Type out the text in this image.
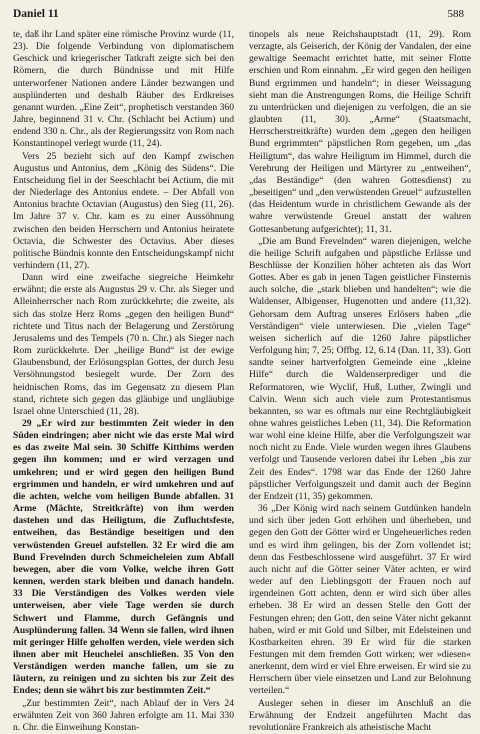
Daniel 11	588

te, daß ihr Land später eine römische Provinz wurde (11, 23). Die folgende Verbindung von diplomatischem Geschick und kriegerischer Tatkraft zeigte sich bei den Römern, die durch Bündnisse und mit Hilfe unterworfener Nationen andere Länder bezwangen und ausplünderten und deshalb Räuber des Erdkreises genannt wurden. „Eine Zeit“, prophetisch verstanden 360 Jahre, beginnend 31 v. Chr. (Schlacht bei Actium) und endend 330 n. Chr., als der Regierungssitz von Rom nach Konstantinopel verlegt wurde (11, 24).

Vers 25 bezieht sich auf den Kampf zwischen Augustus und Antonius, dem „König des Südens“. Die Entscheidung fiel in der Seeschlacht bei Actium, die mit der Niederlage des Antonius endete. – Der Abfall von Antonius brachte Octavian (Augustus) den Sieg (11, 26). Im Jahre 37 v. Chr. kam es zu einer Aussöhnung zwischen den beiden Herrschern und Antonius heiratete Octavia, die Schwester des Octavius. Aber dieses politische Bündnis konnte den Entscheidungskampf nicht verhindern (11, 27).

Dann wird eine zweifache siegreiche Heimkehr erwähnt; die erste als Augustus 29 v. Chr. als Sieger und Alleinherrscher nach Rom zurückkehrte; die zweite, als sich das stolze Herz Roms „gegen den heiligen Bund“ richtete und Titus nach der Belagerung und Zerstörung Jerusalems und des Tempels (70 n. Chr.) als Sieger nach Rom zurückkehrte. Der „heilige Bund“ ist der ewige Glaubensbund, der Erlösungsplan Gottes, der durch Jesu Versöhnungstod besiegelt wurde. Der Zorn des heidnischen Roms, das im Gegensatz zu diesem Plan stand, richtete sich gegen das gläubige und ungläubige Israel ohne Unterschied (11, 28).

29 „Er wird zur bestimmten Zeit wieder in den Süden eindringen; aber nicht wie das erste Mal wird es das zweite Mal sein. 30 Schiffe Kitthims werden gegen ihn kommen; und er wird verzagen und umkehren; und er wird gegen den heiligen Bund ergrimmen und handeln, er wird umkehren und auf die achten, welche vom heiligen Bunde abfallen. 31 Arme (Mächte, Streitkräfte) von ihm werden dastehen und das Heiligtum, die Zufluchtsfeste, entweihen, das Beständige beseitigen und den verwüstenden Greuel aufstellen. 32 Er wird die am Bund Frevelnden durch Schmeicheleien zum Abfall bewegen, aber die vom Volke, welche ihren Gott kennen, werden stark bleiben und danach handeln. 33 Die Verständigen des Volkes werden viele unterweisen, aber viele Tage werden sie durch Schwert und Flamme, durch Gefängnis und Ausplünderung fallen. 34 Wenn sie fallen, wird ihnen mit geringer Hilfe geholfen werden, viele werden sich ihnen aber mit Heuchelei anschließen. 35 Von den Verständigen werden manche fallen, um sie zu läutern, zu reinigen und zu sichten bis zur Zeit des Endes; denn sie währt bis zur bestimmten Zeit.“

„Zur bestimmten Zeit“, nach Ablauf der in Vers 24 erwähnten Zeit von 360 Jahren erfolgte am 11. Mai 330 n. Chr. die Einweihung Konstan-

tinopels als neue Reichshauptstadt (11, 29). Rom verzagte, als Geiserich, der König der Vandalen, der eine gewaltige Seemacht errichtet hatte, mit seiner Flotte erschien und Rom einnahm. „Er wird gegen den heiligen Bund ergrimmen und handeln“; in dieser Weissagung sieht man die Anstrengungen Roms, die Heilige Schrift zu unterdrücken und diejenigen zu verfolgen, die an sie glaubten (11, 30). „Arme“ (Staatsmacht, Herrscherstreitkräfte) wurden dem „gegen den heiligen Bund ergrimmten“ päpstlichen Rom gegeben, um „das Heiligtum“, das wahre Heiligtum im Himmel, durch die Verehrung der Heiligen und Märtyrer zu „entweihen“, „das Beständige“ (den wahren Gottesdienst) zu „beseitigen“ und „den verwüstenden Greuel“ aufzustellen (das Heidentum wurde in christlichem Gewande als der wahre verwüstende Greuel anstatt der wahren Gottesanbetung aufgerichtet); 11, 31.

„Die am Bund Frevelnden“ waren diejenigen, welche die heilige Schrift aufgaben und päpstliche Erlässe und Beschlüsse der Konzilien höher achteten als das Wort Gottes. Aber es gab in jenen Tagen geistlicher Finsternis auch solche, die „stark blieben und handelten“; wie die Waldenser, Albigenser, Hugenotten und andere (11,32). Gehorsam dem Auftrag unseres Erlösers haben „die Verständigen“ viele unterwiesen. Die „vielen Tage“ weisen sicherlich auf die 1260 Jahre päpstlicher Verfolgung hin; 7, 25; Offbg. 12, 6.14 (Dan. 11, 33). Gott sandte seiner hartverfolgten Gemeinde eine „kleine Hilfe“ durch die Waldenserprediger und die Reformatoren, wie Wyclif, Huß, Luther, Zwingli und Calvin. Wenn sich auch viele zum Protestantismus bekannten, so war es oftmals nur eine Rechtgläubigkeit ohne wahres geistliches Leben (11, 34). Die Reformation war wohl eine kleine Hilfe, aber die Verfolgungszeit war noch nicht zu Ende. Viele wurden wegen ihres Glaubens verfolgt und Tausende verloren dabei ihr Leben „bis zur Zeit des Endes“. 1798 war das Ende der 1260 Jahre päpstlicher Verfolgungszeit und damit auch der Beginn der Endzeit (11, 35) gekommen.

36 „Der König wird nach seinem Gutdünken handeln und sich über jeden Gott erhöhen und überheben, und gegen den Gott der Götter wird er Ungeheuerliches reden und es wird ihm gelingen, bis der Zorn vollendet ist; denn das Festbeschlossene wird ausgeführt. 37 Er wird auch nicht auf die Götter seiner Väter achten, er wird weder auf den Lieblingsgott der Frauen noch auf irgendeinen Gott achten, denn er wird sich über alles erheben. 38 Er wird an dessen Stelle den Gott der Festungen ehren; den Gott, den seine Väter nicht gekannt haben, wird er mit Gold und Silber, mit Edelsteinen und Kostbarkeiten ehren. 39 Er wird für die starken Festungen mit dem fremden Gott wirken; wer »diesen« anerkennt, dem wird er viel Ehre erweisen. Er wird sie zu Herrschern über viele einsetzen und Land zur Belohnung verteilen.“

Ausleger sehen in dieser im Anschluß an die Erwähnung der Endzeit angeführten Macht das revolutionäre Frankreich als atheistische Macht
